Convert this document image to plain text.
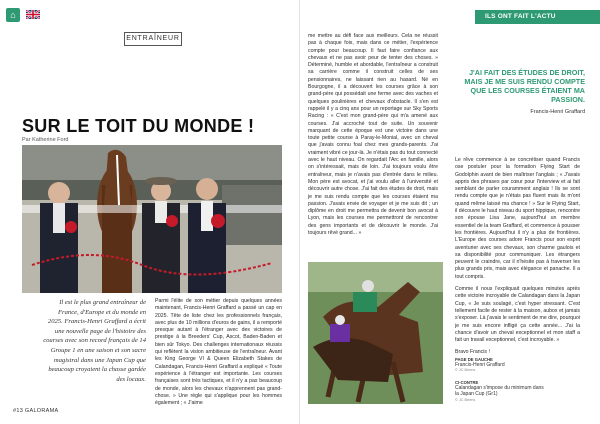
⌂	ILS ONT FAIT L'ACTU
ENTRAÎNEUR
SUR LE TOIT DU MONDE !
Par Katherine Ford
Il est le plus grand entraîneur de France, d'Europe et du monde en 2025. Francis-Henri Graffard a écrit une nouvelle page de l'histoire des courses avec son record français de 14 Groupe 1 en une saison et son sacre magistral dans une Japan Cup que beaucoup croyaient la chasse gardée des locaux.
Parmi l'élite de son métier depuis quelques années maintenant, Francis-Henri Graffard a passé un cap en 2025. Tête de liste chez les professionnels français, avec plus de 10 millions d'euros de gains, il a remporté presque autant à l'étranger avec des victoires de prestige à la Breeders' Cup, Ascot, Baden-Baden et bien sûr Tokyo. Des challenges internationaux réussis qui reflètent la vision ambitieuse de l'entraîneur. Avant les King George VI & Queen Elizabeth Stakes de Calandagan, Francis-Henri Graffard a expliqué « Toute expérience à l'étranger est importante. Les courses françaises sont très tactiques, et il n'y a pas beaucoup de monde, alors les chevaux n'apprennent pas grand-chose. » Une règle qui s'applique pour les hommes également ; « J'aime
me mettre au défi face aux meilleurs. Cela ne réussit pas à chaque fois, mais dans ce métier, l'expérience compte pour beaucoup. Il faut faire confiance aux chevaux et ne pas avoir peur de tenter des choses. » Déterminé, humble et abordable, l'entraîneur a construit sa carrière comme il construit celles de ses pensionnaires, ne laissant rien au hasard. Né en Bourgogne, il a découvert les courses grâce à son grand-père qui possédait une ferme avec des vaches et quelques poulinières et chevaux d'obstacle. Il s'en est rappelé il y a cinq ans pour un reportage sur Sky Sports Racing : « C'est mon grand-père qui m'a amené aux courses. J'ai accroché tout de suite. Un souvenir marquant de cette époque est une victoire dans une toute petite course à Paray-le-Monial, avec un cheval que j'avais connu foal chez mes grands-parents. J'ai vraiment vibré ce jour-là. Je n'étais pas du tout connecté avec le haut niveau. On regardait l'Arc en famille, alors on s'intéressait, mais de loin. J'ai toujours voulu être entraîneur, mais je n'avais pas d'entrée dans le milieu. Mon père est avocat, et j'ai voulu aller à l'université et découvrir autre chose. J'ai fait des études de droit, mais je me suis rendu compte que les courses étaient ma passion. J'avais envie de voyager et je me suis dit ; un diplôme en droit me permettra de devenir bon avocat à Lyon, mais les courses me permettront de rencontrer des gens importants et de découvrir le monde. J'ai toujours rêvé grand... »
J'AI FAIT DES ÉTUDES DE DROIT, MAIS JE ME SUIS RENDU COMPTE QUE LES COURSES ÉTAIENT MA PASSION.
Francis-Henri Graffard

Le rêve commence à se concrétiser quand Francis ose postuler pour la formation Flying Start de Godolphin avant de bien maîtriser l'anglais ; « J'avais appris des phrases par cœur pour l'interview et ai fait semblant de parler couramment anglais ! Ils se sont rendu compte que je n'étais pas fluent mais ils m'ont quand même laissé ma chance ! » Sur le Flying Start, il découvre le haut niveau du sport hippique, rencontre son épouse Lisa Jane, aujourd'hui un membre essentiel de la team Graffard, et commence à pousser les frontières. Aujourd'hui il n'y a plus de frontières. L'Europe des courses adore Francis pour son esprit aventurier avec ses chevaux, son charme gaulois et sa disponibilité pour communiquer. Les étrangers peuvent le craindre, car il n'hésite pas à traverser les plus grands prix, mais avec élégance et panache. Il a tout compris.

Comme il nous l'expliquait quelques minutes après cette victoire incroyable de Calandagan dans la Japan Cup, « Je suis soulagé, c'est hyper stressant. C'est tellement facile de rester à la maison, aubox et jamais s'exposer. Là j'avais le sentiment de me dire, pourquoi je me suis encore infligé ça cette année... J'ai la chance d'avoir un cheval exceptionnel et mon staff a fait un travail exceptionnel, c'est incroyable. »

Bravo Francis !

PAGE DE GAUCHE
Francis-Henri Graffard
© JC Briens
CI-CONTRE
Calandagan s'impose du minimum dans la Japan Cup (Gr1)
© JC Briens
#13 GALORAMA
